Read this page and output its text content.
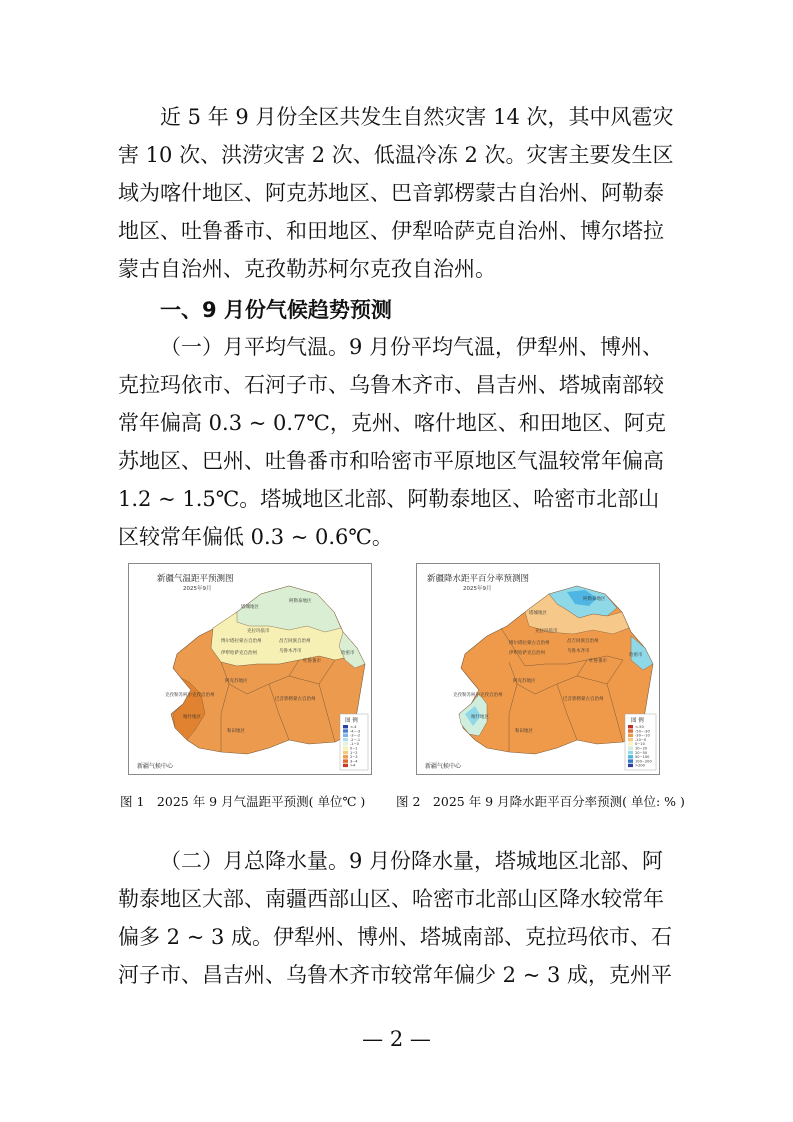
近 5 年 9 月份全区共发生自然灾害 14 次，其中风雹灾害 10 次、洪涝灾害 2 次、低温冷冻 2 次。灾害主要发生区域为喀什地区、阿克苏地区、巴音郭楞蒙古自治州、阿勒泰地区、吐鲁番市、和田地区、伊犁哈萨克自治州、博尔塔拉蒙古自治州、克孜勒苏柯尔克孜自治州。

一、9 月份气候趋势预测

（一）月平均气温。9 月份平均气温，伊犁州、博州、克拉玛依市、石河子市、乌鲁木齐市、昌吉州、塔城南部较常年偏高 0.3 ~ 0.7℃，克州、喀什地区、和田地区、阿克苏地区、巴州、吐鲁番市和哈密市平原地区气温较常年偏高 1.2 ~ 1.5℃。塔城地区北部、阿勒泰地区、哈密市北部山区较常年偏低 0.3 ~ 0.6℃。

新疆气温距平预测图
2025年9月
塔城地区
阿勒泰地区
克拉玛依市
博尔塔拉蒙古自治州	昌吉回族自治州
乌鲁木齐市
伊犁哈萨克自治州
吐鲁番市
哈密市
阿克苏地区
巴音郭楞蒙古自治州
克孜勒苏柯尔克孜自治州
喀什地区
和田地区
图 例
<-4
-4~-3
-3~-2
-2~-1
-1~0
0~1
1~2
2~3
3~4
>4
新疆气候中心
新疆降水距平百分率预测图
2025年9月
塔城地区
阿勒泰地区
克拉玛依市
博尔塔拉蒙古自治州	昌吉回族自治州
乌鲁木齐市
伊犁哈萨克自治州
吐鲁番市
哈密市
阿克苏地区
巴音郭楞蒙古自治州
克孜勒苏柯尔克孜自治州
喀什地区
和田地区
图 例
<-50
-50~-30
-30~-10
-10~0
0~10
10~20
20~50
50~100
100~200
>200
新疆气候中心
图 1　2025 年 9 月气温距平预测( 单位℃ ) 图 2　2025 年 9 月降水距平百分率预测( 单位: % )

（二）月总降水量。9 月份降水量，塔城地区北部、阿勒泰地区大部、南疆西部山区、哈密市北部山区降水较常年偏多 2 ~ 3 成。伊犁州、博州、塔城南部、克拉玛依市、石河子市、昌吉州、乌鲁木齐市较常年偏少 2 ~ 3 成，克州平

— 2 —
